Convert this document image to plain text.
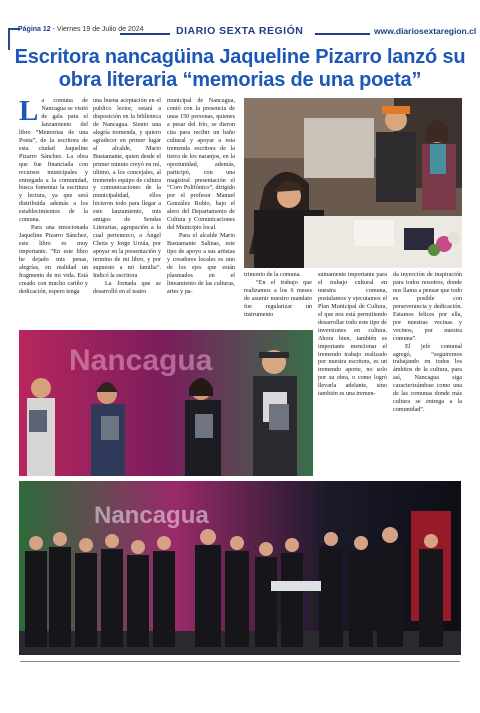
Página 12 - Viernes 19 de Julio de 2024	DIARIO SEXTA REGIÓN	www.diariosextaregion.cl
Escritora nancagüina Jaqueline Pizarro lanzó su obra literaria “memorias de una poeta”

La comuna de Nancagua se vistió de gala para el lanzamiento del libro “Memorias de una Poeta”, de la escritora de esta ciudad Jaqueline Pizarro Sánchez. La obra que fue financiada con recursos municipales y entregada a la comunidad, busca fomentar la escritura y lectura, ya que será distribuida además a los establecimientos de la comuna.

Para una emocionada Jaqueline Pizarro Sánchez, este libro es muy importante. “En este libro he dejado mis penas, alegrías, en realidad un fragmento de mi vida. Está creado con mucho cariño y dedicación, espero tenga

una buena aceptación en el publico lector, estará a disposición en la biblioteca de Nancagua. Siento una alegría tremenda, y quiero agradecer en primer lugar al alcalde, Mario Bustamante, quien desde el primer minuto creyó en mí, ultimo, a los concejales, al tremendo equipo de cultura y comunicaciones de la municipalidad, ellos hicieron todo para llegar a este lanzamiento, mis amigos de Sendas Literarias, agrupación a la cual pertenezco, a Ángel Chota y Jorge Urzúa, por apoyar en la presentación y termino de mi libro, y por supuesto a mi familia”. Indicó la escritora

La Jornada que se desarrolló en el teatro

municipal de Nancagua, contó con la presencia de unas 150 personas, quienes a pesar del frío, se dieron cita para recibir un baño cultural y apoyar a esta tremenda escritora de la tierra de los naranjos, en la oportunidad, además, participó, con una magistral presentación el “Coro Polifónico”, dirigido por el profesor Manuel González Rubio, bajo el alero del Departamento de Cultura y Comunicaciones del Municipio local.

Para el alcalde Mario Bustamante Salinas, este tipo de apoyo a sus artistas y creadores locales es uno de los ejes que están plasmados en el lineamiento de las culturas, artes y pa-

trimonio de la comuna.

“En el trabajo que realizamos a los 6 meses de asumir nuestro mandato fue regularizar un instrumento

sumamente importante para el trabajo cultural en nuestra comuna, postulamos y ejecutamos el Plan Municipal de Cultura, el que nos está permitiendo desarrollar todo este tipo de inversiones en cultura. Ahora bien, también es importante mencionar el tremendo trabajo realizado por nuestra escritora, es un tremendo aporte, no solo por su obra, o como logró llevarla adelante, sino también es una tremen-

da inyección de inspiración para todos nosotros, donde nos llama a pensar que todo es posible con perseverancia y dedicación. Estamos felices por ella, por nuestras vecinas y vecinos, por nuestra comuna”.

El jefe comunal agregó, “seguiremos trabajando en todos los ámbitos de la cultura, para así, Nancagua siga caracterizándose como una de las comunas donde más cultura se entrega a la comunidad”.

Nancagua
Nancagua
